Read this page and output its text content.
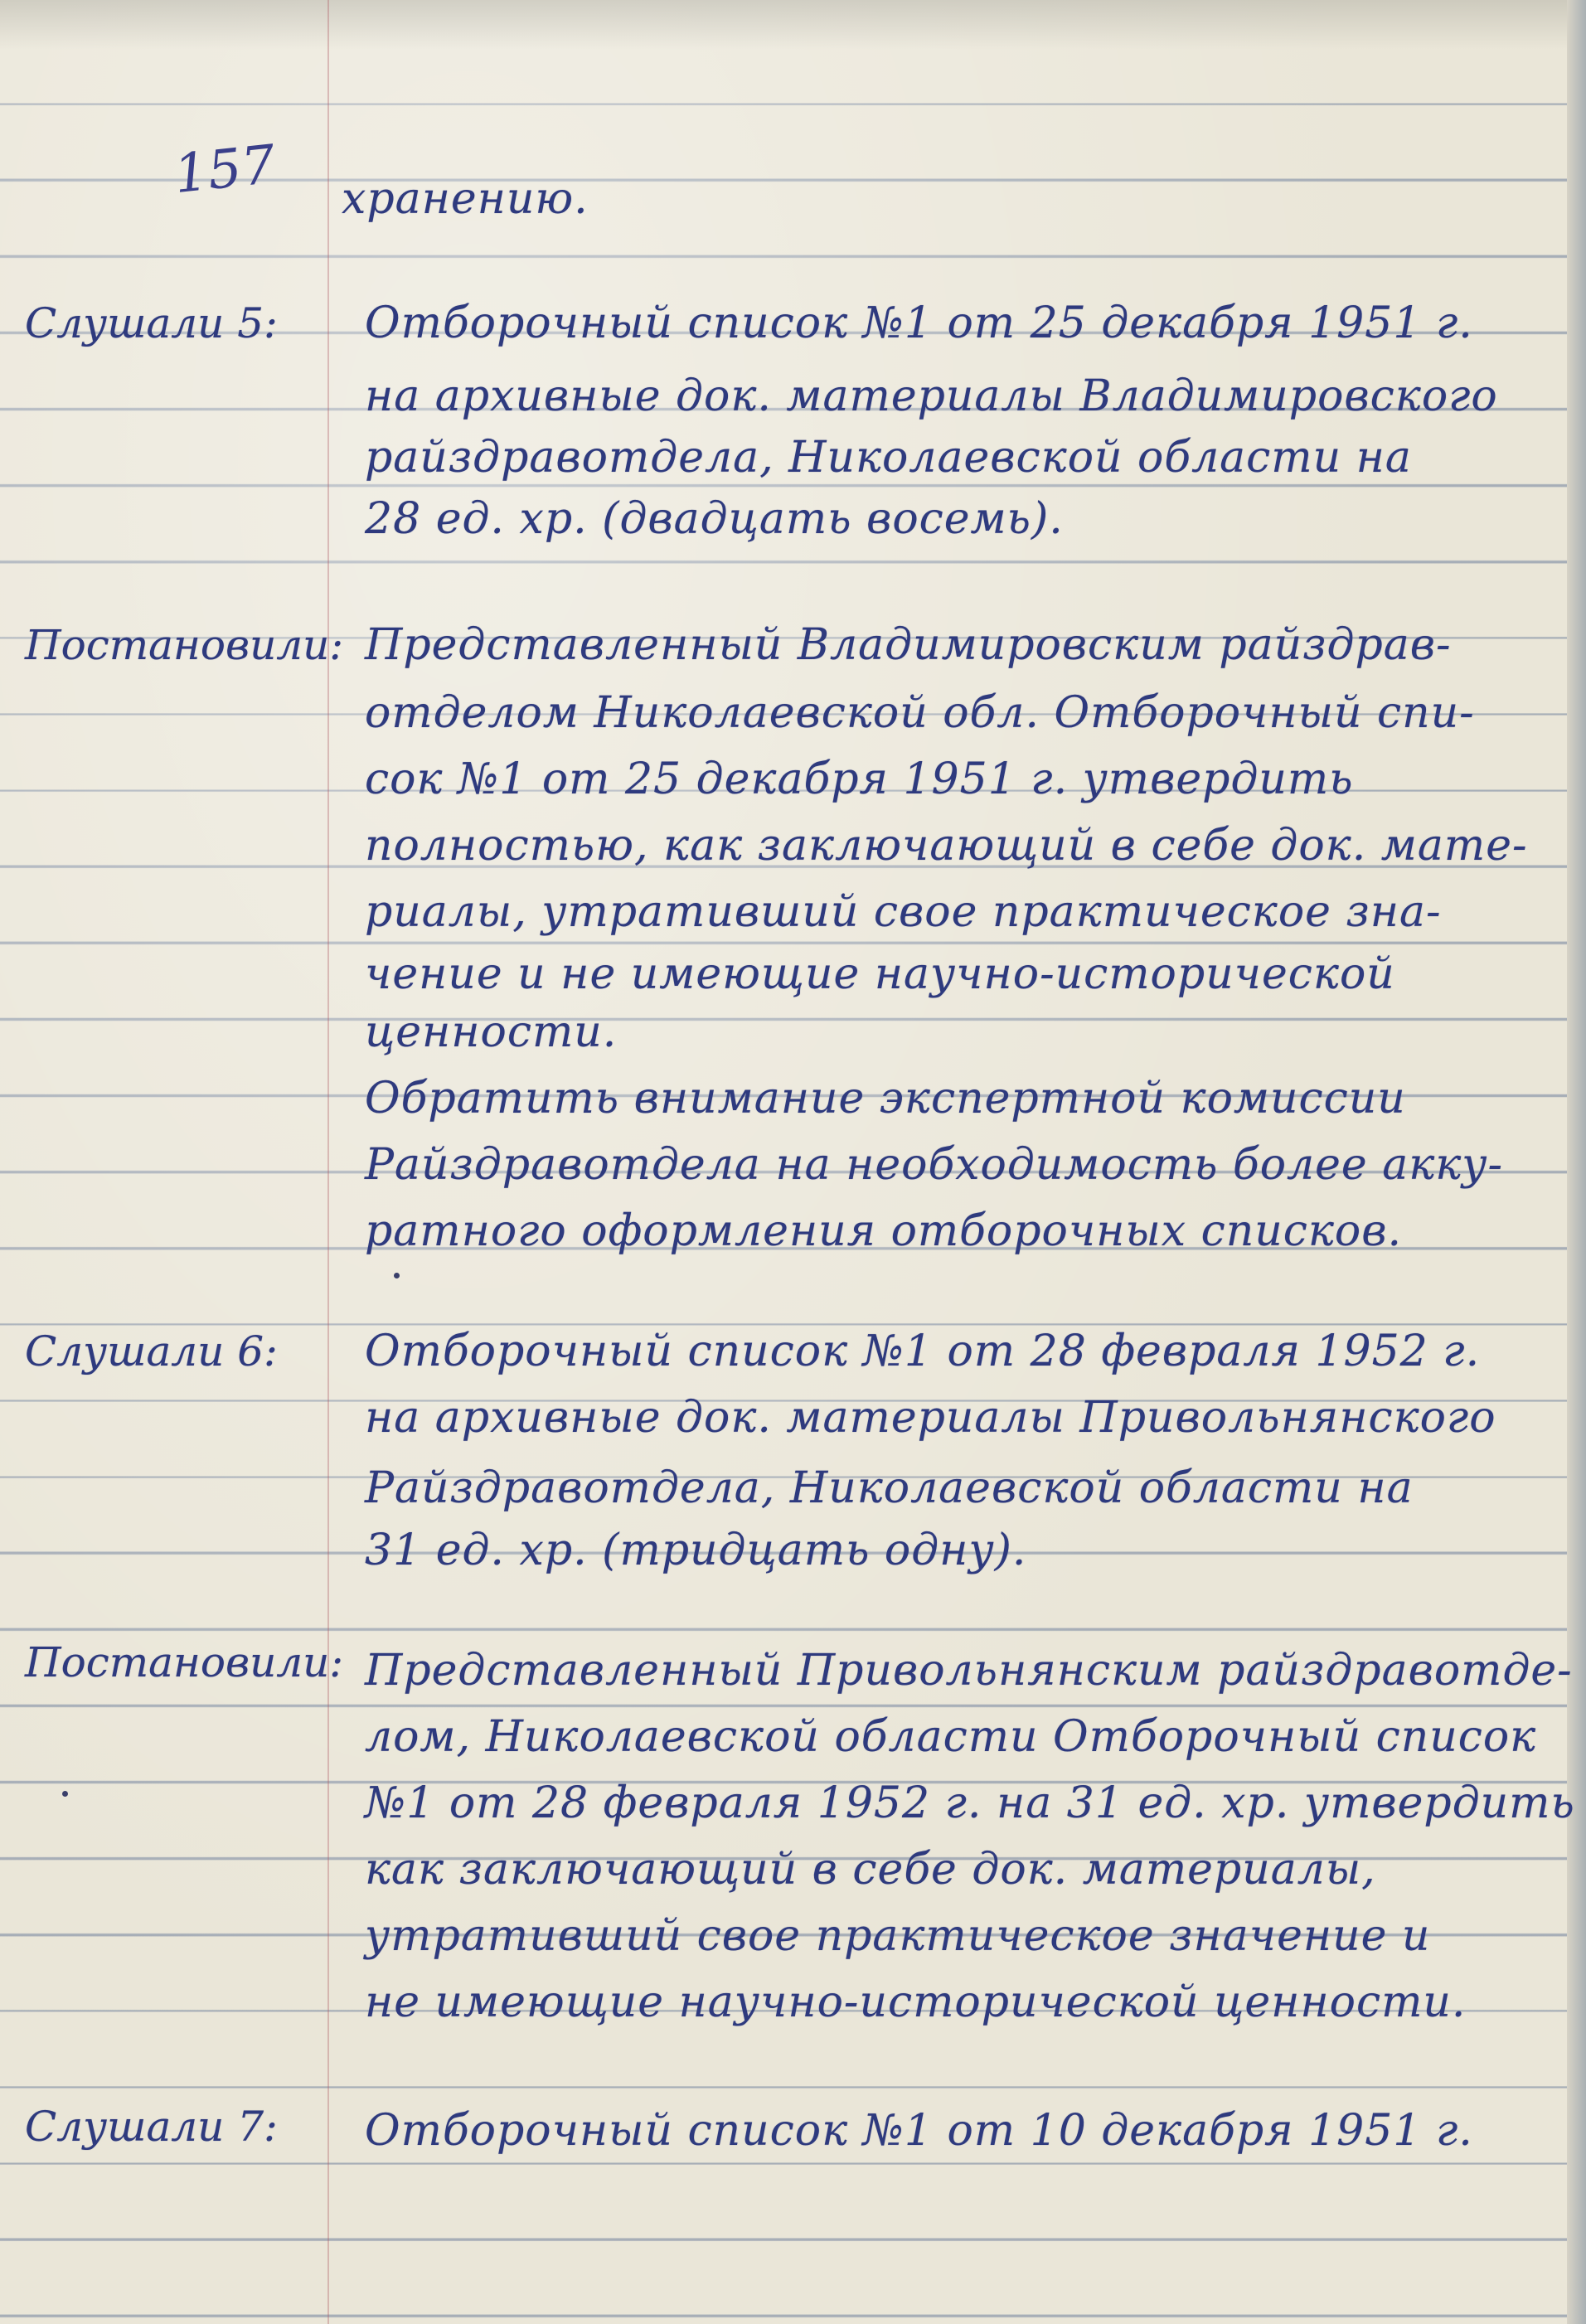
157 хранению.
Слушали 5: Отборочный список №1 от 25 декабря 1951 г.
на архивные док. материалы Владимировского
райздравотдела, Николаевской области на
28 ед. хр. (двадцать восемь).
Постановили: Представленный Владимировским райздрав-
отделом Николаевской обл. Отборочный спи-
сок №1 от 25 декабря 1951 г. утвердить
полностью, как заключающий в себе док. мате-
риалы, утративший свое практическое зна-
чение и не имеющие научно-исторической
ценности.
Обратить внимание экспертной комиссии
Райздравотдела на необходимость более акку-
ратного оформления отборочных списков.
Слушали 6: Отборочный список №1 от 28 февраля 1952 г.
на архивные док. материалы Привольнянского
Райздравотдела, Николаевской области на
31 ед. хр. (тридцать одну).
Постановили: Представленный Привольнянским райздравотде-
лом, Николаевской области Отборочный список
№1 от 28 февраля 1952 г. на 31 ед. хр. утвердить
как заключающий в себе док. материалы,
утративший свое практическое значение и
не имеющие научно-исторической ценности.
Слушали 7: Отборочный список №1 от 10 декабря 1951 г.
